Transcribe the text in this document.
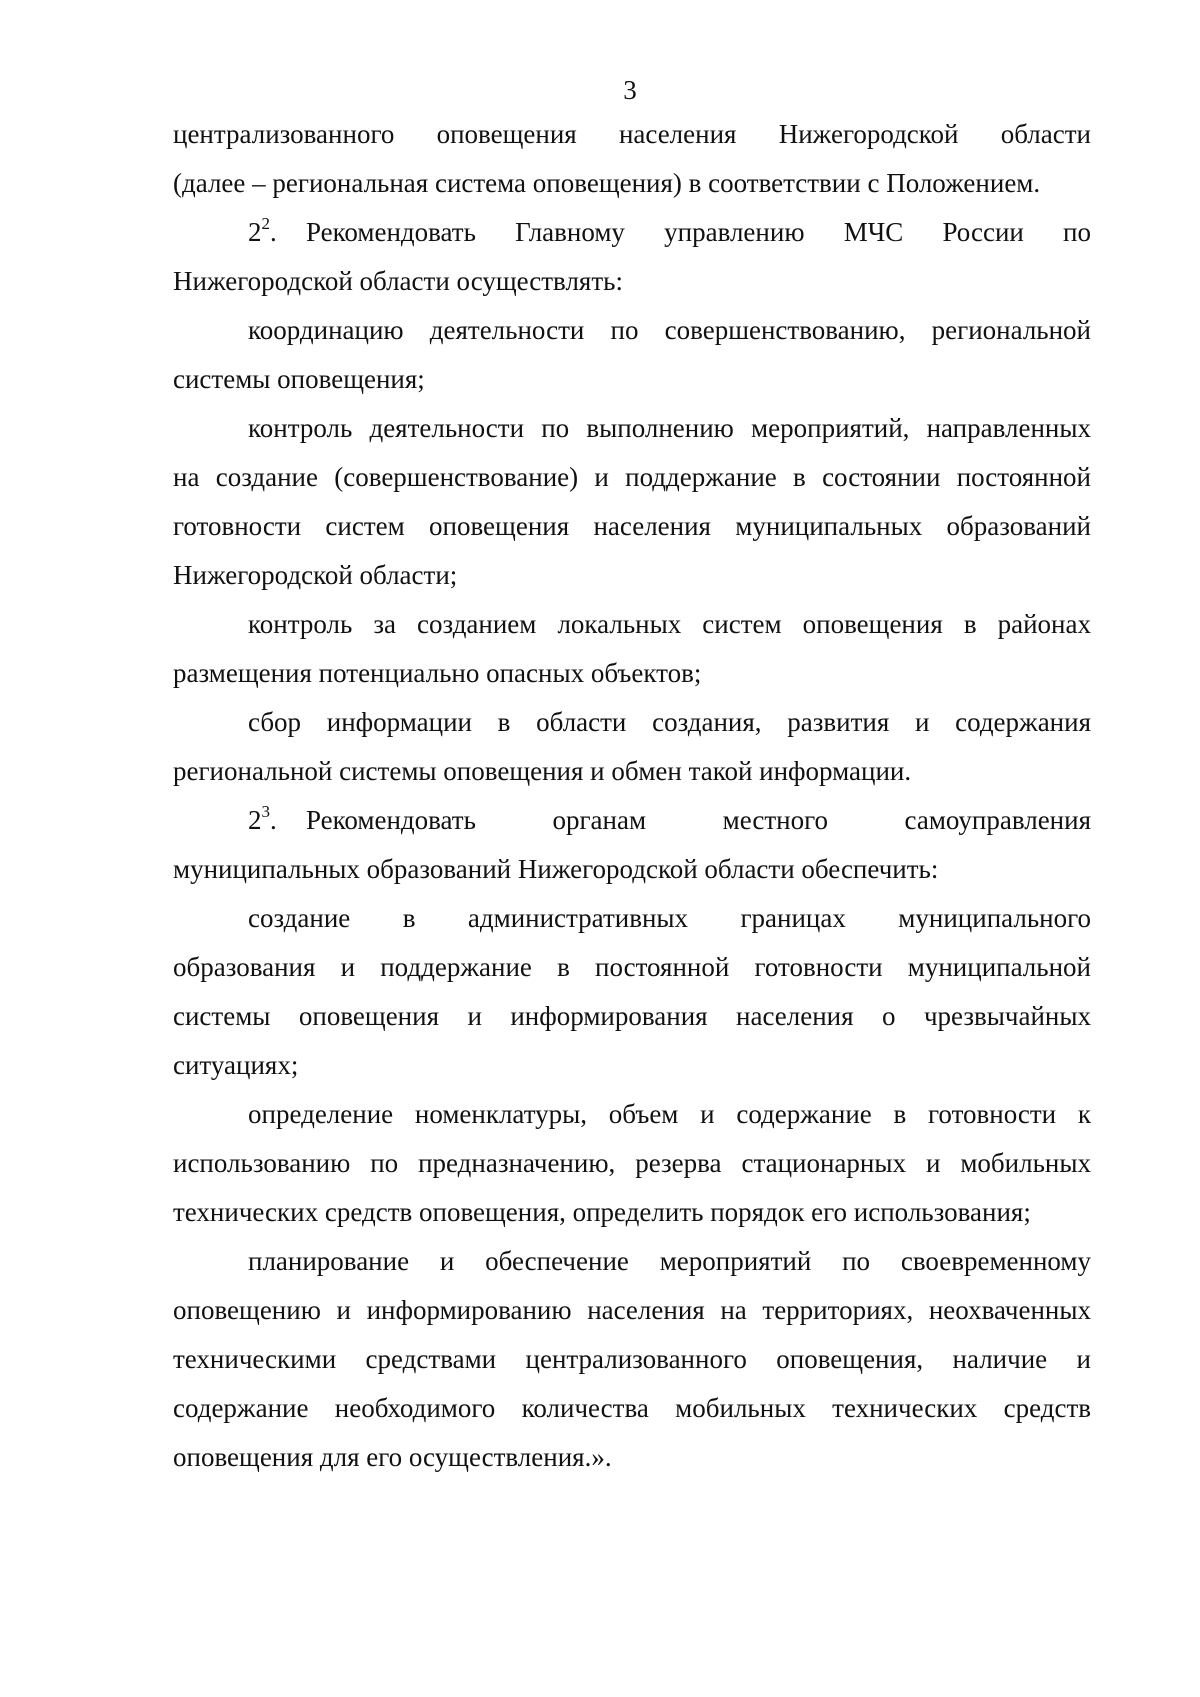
3

централизованного оповещения населения Нижегородской области
(далее – региональная система оповещения) в соответствии с Положением.

$2^2$. Рекомендовать Главному управлению МЧС России по
Нижегородской области осуществлять:

координацию деятельности по совершенствованию, региональной
системы оповещения;

контроль деятельности по выполнению мероприятий, направленных
на создание (совершенствование) и поддержание в состоянии постоянной
готовности систем оповещения населения муниципальных образований
Нижегородской области;

контроль за созданием локальных систем оповещения в районах
размещения потенциально опасных объектов;

сбор информации в области создания, развития и содержания
региональной системы оповещения и обмен такой информации.

$2^3$. Рекомендовать органам местного самоуправления
муниципальных образований Нижегородской области обеспечить:

создание в административных границах муниципального
образования и поддержание в постоянной готовности муниципальной
системы оповещения и информирования населения о чрезвычайных
ситуациях;

определение номенклатуры, объем и содержание в готовности к
использованию по предназначению, резерва стационарных и мобильных
технических средств оповещения, определить порядок его использования;

планирование и обеспечение мероприятий по своевременному
оповещению и информированию населения на территориях, неохваченных
техническими средствами централизованного оповещения, наличие и
содержание необходимого количества мобильных технических средств
оповещения для его осуществления.».
